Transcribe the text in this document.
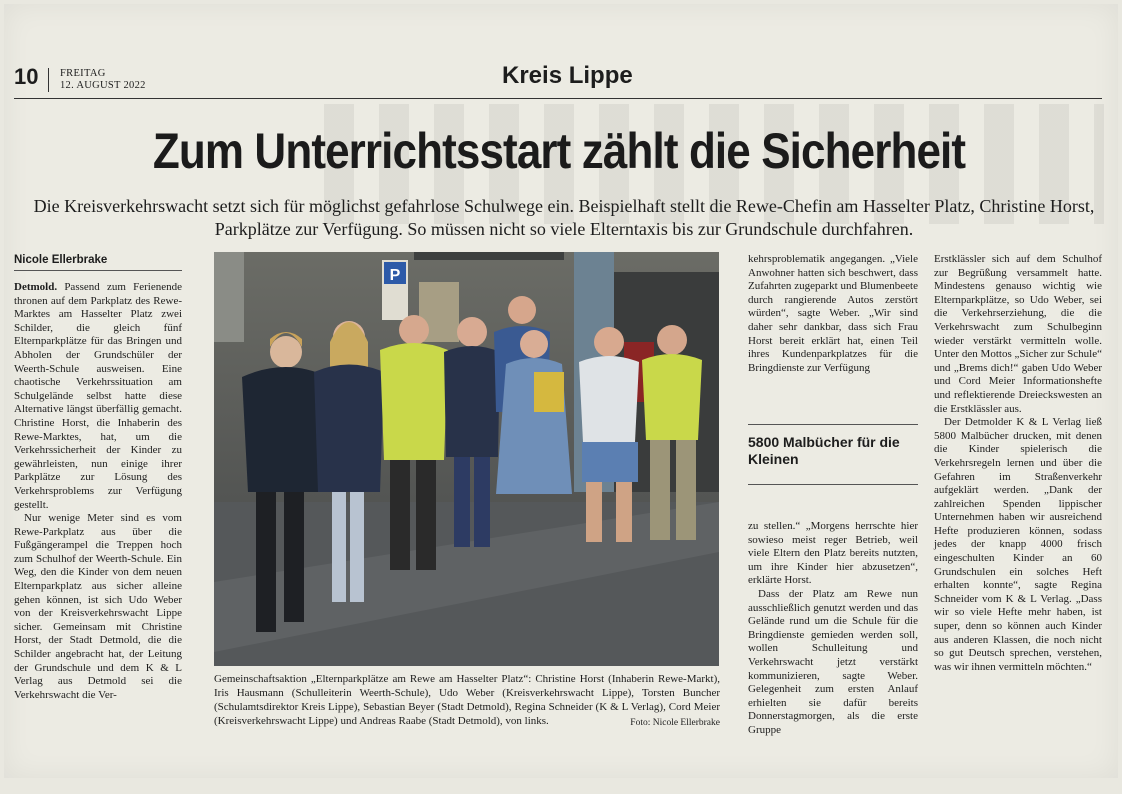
10 FREITAG
12. AUGUST 2022	Kreis Lippe
Zum Unterrichtsstart zählt die Sicherheit
Die Kreisverkehrswacht setzt sich für möglichst gefahrlose Schulwege ein. Beispielhaft stellt die Rewe-Chefin am Hasselter Platz, Christine Horst, Parkplätze zur Verfügung. So müssen nicht so viele Elterntaxis bis zur Grundschule durchfahren.
Nicole Ellerbrake

Detmold. Passend zum Ferienende thronen auf dem Parkplatz des Rewe-Marktes am Hasselter Platz zwei Schilder, die gleich fünf Elternparkplätze für das Bringen und Abholen der Grundschüler der Weerth-Schule ausweisen. Eine chaotische Verkehrssituation am Schulgelände selbst hatte diese Alternative längst überfällig gemacht. Christine Horst, die Inhaberin des Rewe-Marktes, hat, um die Verkehrssicherheit der Kinder zu gewährleisten, nun einige ihrer Parkplätze zur Lösung des Verkehrsproblems zur Verfügung gestellt.

Nur wenige Meter sind es vom Rewe-Parkplatz aus über die Fußgängerampel die Treppen hoch zum Schulhof der Weerth-Schule. Ein Weg, den die Kinder von dem neuen Elternparkplatz aus sicher alleine gehen können, ist sich Udo Weber von der Kreisverkehrswacht Lippe sicher. Gemeinsam mit Christine Horst, der Stadt Detmold, die die Schilder angebracht hat, der Leitung der Grundschule und dem K & L Verlag aus Detmold sei die Verkehrswacht die Ver-

P
Gemeinschaftsaktion „Elternparkplätze am Rewe am Hasselter Platz“: Christine Horst (Inhaberin Rewe-Markt), Iris Hausmann (Schulleiterin Weerth-Schule), Udo Weber (Kreisverkehrswacht Lippe), Torsten Buncher (Schulamtsdirektor Kreis Lippe), Sebastian Beyer (Stadt Detmold), Regina Schneider (K & L Verlag), Cord Meier (Kreisverkehrswacht Lippe) und Andreas Raabe (Stadt Detmold), von links.	Foto: Nicole Ellerbrake

kehrsproblematik angegangen. „Viele Anwohner hatten sich beschwert, dass Zufahrten zugeparkt und Blumenbeete durch rangierende Autos zerstört würden“, sagte Weber. „Wir sind daher sehr dankbar, dass sich Frau Horst bereit erklärt hat, einen Teil ihres Kundenparkplatzes für die Bringdienste zur Verfügung

5800 Malbücher für die Kleinen

zu stellen.“ „Morgens herrschte hier sowieso meist reger Betrieb, weil viele Eltern den Platz bereits nutzten, um ihre Kinder hier abzusetzen“, erklärte Horst.

Dass der Platz am Rewe nun ausschließlich genutzt werden und das Gelände rund um die Schule für die Bringdienste gemieden werden soll, wollen Schulleitung und Verkehrswacht jetzt verstärkt kommunizieren, sagte Weber. Gelegenheit zum ersten Anlauf erhielten sie dafür bereits Donnerstagmorgen, als die erste Gruppe

Erstklässler sich auf dem Schulhof zur Begrüßung versammelt hatte. Mindestens genauso wichtig wie Elternparkplätze, so Udo Weber, sei die Verkehrserziehung, die die Verkehrswacht zum Schulbeginn wieder verstärkt vermitteln wolle. Unter den Mottos „Sicher zur Schule“ und „Brems dich!“ gaben Udo Weber und Cord Meier Informationshefte und reflektierende Dreieckswesten an die Erstklässler aus.

Der Detmolder K & L Verlag ließ 5800 Malbücher drucken, mit denen die Kinder spielerisch die Verkehrsregeln lernen und über die Gefahren im Straßenverkehr aufgeklärt werden. „Dank der zahlreichen Spenden lippischer Unternehmen haben wir ausreichend Hefte produzieren können, sodass jedes der knapp 4000 frisch eingeschulten Kinder an 60 Grundschulen ein solches Heft erhalten konnte“, sagte Regina Schneider vom K & L Verlag. „Dass wir so viele Hefte mehr haben, ist super, denn so können auch Kinder aus anderen Klassen, die noch nicht so gut Deutsch sprechen, verstehen, was wir ihnen vermitteln möchten.“
